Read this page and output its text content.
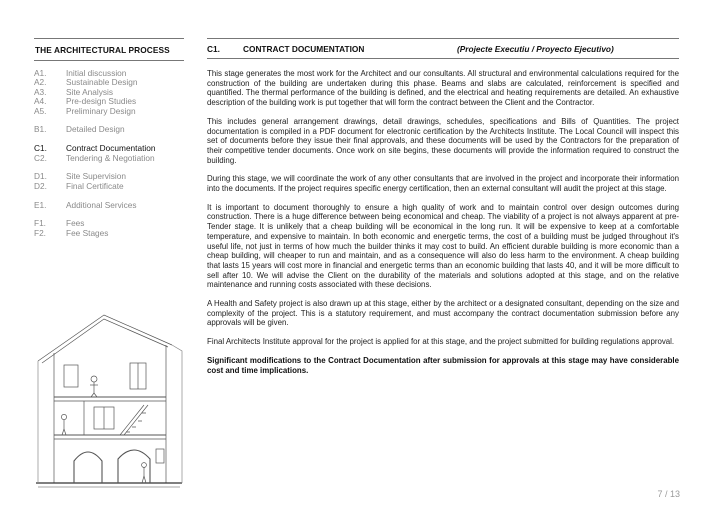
THE ARCHITECTURAL PROCESS
A1.	Initial discussion
A2.	Sustainable Design
A3.	Site Analysis
A4.	Pre-design Studies
A5.	Preliminary Design
B1.	Detailed Design
C1.	Contract Documentation
C2.	Tendering & Negotiation
D1.	Site Supervision
D2.	Final Certificate
E1.	Additional Services
F1.	Fees
F2.	Fee Stages
C1.	CONTRACT DOCUMENTATION	(Projecte Executiu / Proyecto Ejecutivo)

This stage generates the most work for the Architect and our consultants. All structural and environmental calculations required for the construction of the building are undertaken during this phase. Beams and slabs are calculated, reinforcement is specified and quantified. The thermal performance of the building is defined, and the electrical and heating requirements are detailed. An exhaustive description of the building work is put together that will form the contract between the Client and the Contractor.

This includes general arrangement drawings, detail drawings, schedules, specifications and Bills of Quantities. The project documentation is compiled in a PDF document for electronic certification by the Architects Institute. The Local Council will inspect this set of documents before they issue their final approvals, and these documents will be used by the Contractors for the preparation of their competitive tender documents. Once work on site begins, these documents will provide the information required to construct the building.

During this stage, we will coordinate the work of any other consultants that are involved in the project and incorporate their information into the documents. If the project requires specific energy certification, then an external consultant will audit the project at this stage.

It is important to document thoroughly to ensure a high quality of work and to maintain control over design outcomes during construction. There is a huge difference between being economical and cheap. The viability of a project is not always apparent at pre-Tender stage. It is unlikely that a cheap building will be economical in the long run. It will be expensive to keep at a comfortable temperature, and expensive to maintain. In both economic and energetic terms, the cost of a building must be judged throughout it's useful life, not just in terms of how much the builder thinks it may cost to build. An efficient durable building is more economic than a cheap building, will cheaper to run and maintain, and as a consequence will also do less harm to the environment. A cheap building that lasts 15 years will cost more in financial and energetic terms than an economic building that lasts 40, and it will be more difficult to sell after 10. We will advise the Client on the durability of the materials and solutions adopted at this stage, and on the relative maintenance and running costs associated with these decisions.

A Health and Safety project is also drawn up at this stage, either by the architect or a designated consultant, depending on the size and complexity of the project. This is a statutory requirement, and must accompany the contract documentation submission before any approvals will be given.

Final Architects Institute approval for the project is applied for at this stage, and the project submitted for building regulations approval.

Significant modifications to the Contract Documentation after submission for approvals at this stage may have considerable cost and time implications.

7 / 13
